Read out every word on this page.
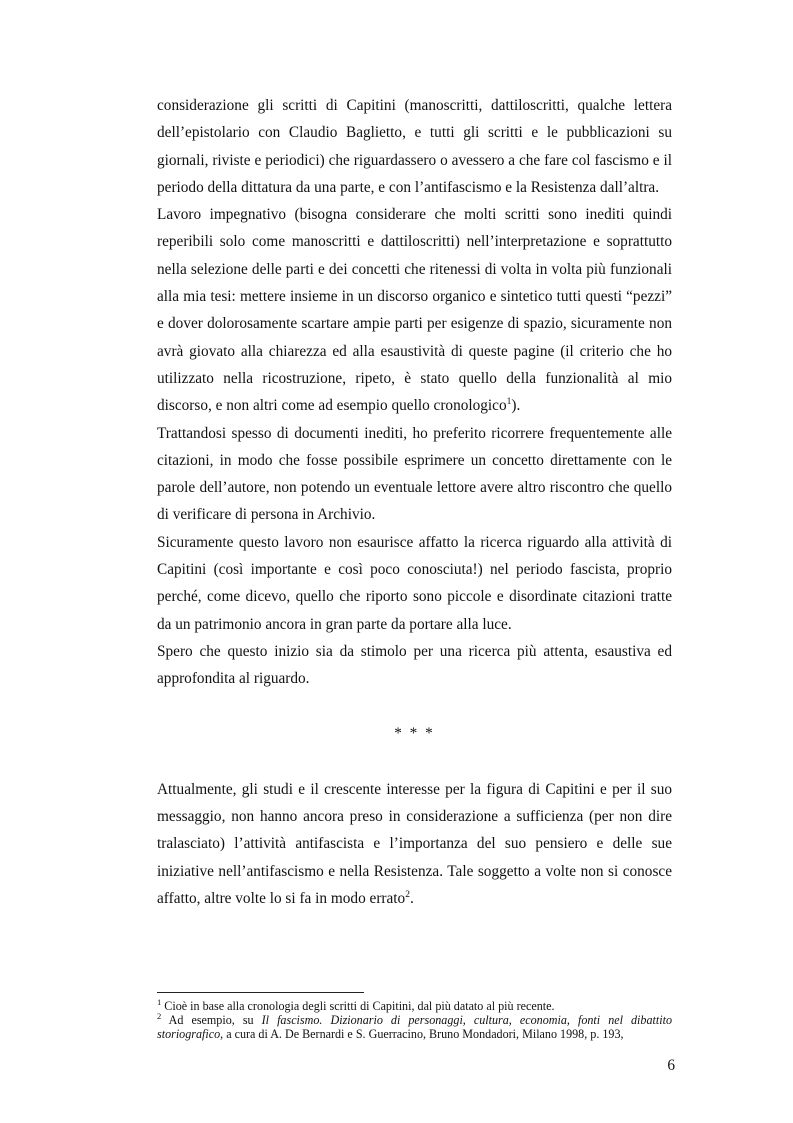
considerazione gli scritti di Capitini (manoscritti, dattiloscritti, qualche lettera dell’epistolario con Claudio Baglietto, e tutti gli scritti e le pubblicazioni su giornali, riviste e periodici) che riguardassero o avessero a che fare col fascismo e il periodo della dittatura da una parte, e con l’antifascismo e la Resistenza dall’altra.

Lavoro impegnativo (bisogna considerare che molti scritti sono inediti quindi reperibili solo come manoscritti e dattiloscritti) nell’interpretazione e soprattutto nella selezione delle parti e dei concetti che ritenessi di volta in volta più funzionali alla mia tesi: mettere insieme in un discorso organico e sintetico tutti questi “pezzi” e dover dolorosamente scartare ampie parti per esigenze di spazio, sicuramente non avrà giovato alla chiarezza ed alla esaustività di queste pagine (il criterio che ho utilizzato nella ricostruzione, ripeto, è stato quello della funzionalità al mio discorso, e non altri come ad esempio quello cronologico$^1$).

Trattandosi spesso di documenti inediti, ho preferito ricorrere frequentemente alle citazioni, in modo che fosse possibile esprimere un concetto direttamente con le parole dell’autore, non potendo un eventuale lettore avere altro riscontro che quello di verificare di persona in Archivio.

Sicuramente questo lavoro non esaurisce affatto la ricerca riguardo alla attività di Capitini (così importante e così poco conosciuta!) nel periodo fascista, proprio perché, come dicevo, quello che riporto sono piccole e disordinate citazioni tratte da un patrimonio ancora in gran parte da portare alla luce.

Spero che questo inizio sia da stimolo per una ricerca più attenta, esaustiva ed approfondita al riguardo.

* * *

Attualmente, gli studi e il crescente interesse per la figura di Capitini e per il suo messaggio, non hanno ancora preso in considerazione a sufficienza (per non dire tralasciato) l’attività antifascista e l’importanza del suo pensiero e delle sue iniziative nell’antifascismo e nella Resistenza. Tale soggetto a volte non si conosce affatto, altre volte lo si fa in modo errato$^2$.

$^1$ Cioè in base alla cronologia degli scritti di Capitini, dal più datato al più recente.

$^2$ Ad esempio, su Il fascismo. Dizionario di personaggi, cultura, economia, fonti nel dibattito storiografico, a cura di A. De Bernardi e S. Guerracino, Bruno Mondadori, Milano 1998, p. 193,

6
